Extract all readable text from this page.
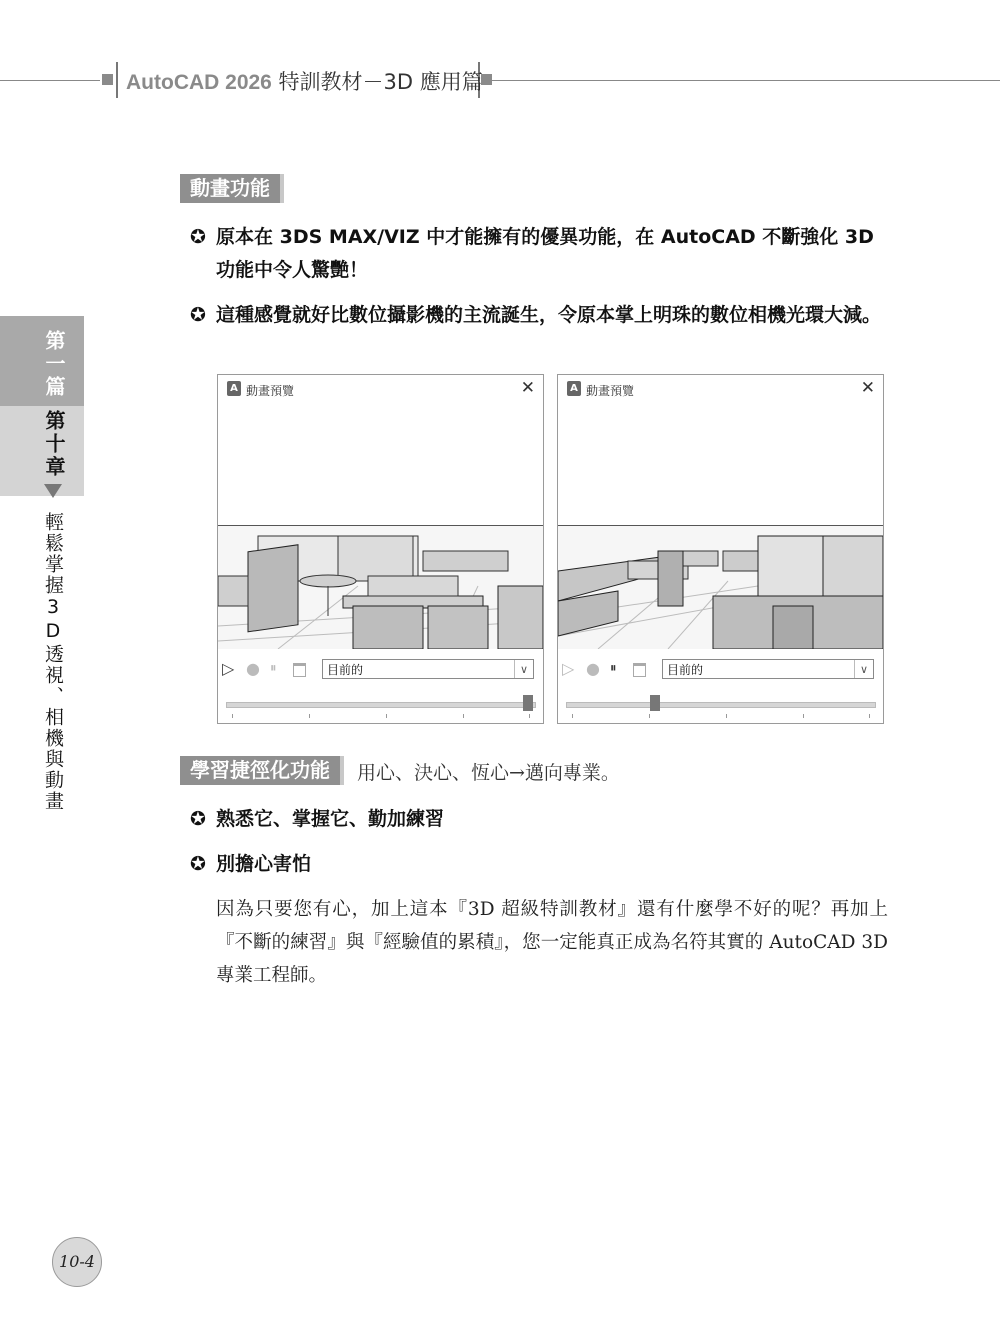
AutoCAD 2026 特訓教材－3D 應用篇
第一篇
第十章
輕鬆掌握3D透視、相機與動畫
動畫功能
✪ 原本在 3DS MAX/VIZ 中才能擁有的優異功能，在 AutoCAD 不斷強化 3D 功能中令人驚艷！
✪ 這種感覺就好比數位攝影機的主流誕生，令原本掌上明珠的數位相機光環大減。
A 動畫預覽	✕
▷ ● ⏸	目前的	∨
A 動畫預覽	✕
▷ ● ⏸	目前的	∨
學習捷徑化功能	用心、決心、恆心→邁向專業。
✪ 熟悉它、掌握它、勤加練習
✪ 別擔心害怕
因為只要您有心，加上這本『3D 超級特訓教材』還有什麼學不好的呢？再加上『不斷的練習』與『經驗值的累積』，您一定能真正成為名符其實的 AutoCAD 3D 專業工程師。
10-4
